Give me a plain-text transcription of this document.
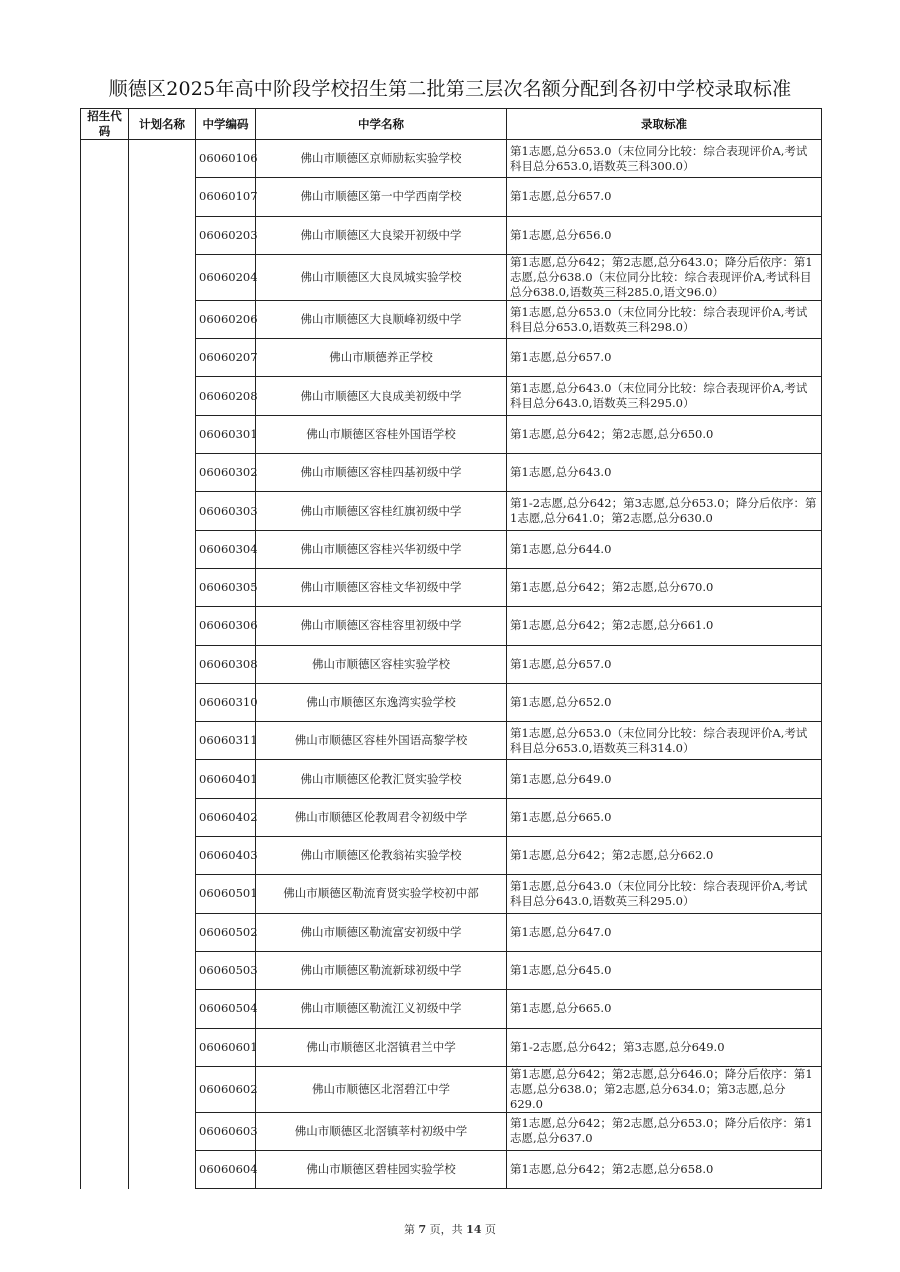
顺德区2025年高中阶段学校招生第二批第三层次名额分配到各初中学校录取标准
招生代码	计划名称	中学编码	中学名称	录取标准
		06060106	佛山市顺德区京师励耘实验学校	第1志愿,总分653.0（末位同分比较：综合表现评价A,考试科目总分653.0,语数英三科300.0）
		06060107	佛山市顺德区第一中学西南学校	第1志愿,总分657.0
		06060203	佛山市顺德区大良梁开初级中学	第1志愿,总分656.0
		06060204	佛山市顺德区大良凤城实验学校	第1志愿,总分642；第2志愿,总分643.0；降分后依序：第1志愿,总分638.0（末位同分比较：综合表现评价A,考试科目总分638.0,语数英三科285.0,语文96.0）
		06060206	佛山市顺德区大良顺峰初级中学	第1志愿,总分653.0（末位同分比较：综合表现评价A,考试科目总分653.0,语数英三科298.0）
		06060207	佛山市顺德养正学校	第1志愿,总分657.0
		06060208	佛山市顺德区大良成美初级中学	第1志愿,总分643.0（末位同分比较：综合表现评价A,考试科目总分643.0,语数英三科295.0）
		06060301	佛山市顺德区容桂外国语学校	第1志愿,总分642；第2志愿,总分650.0
		06060302	佛山市顺德区容桂四基初级中学	第1志愿,总分643.0
		06060303	佛山市顺德区容桂红旗初级中学	第1-2志愿,总分642；第3志愿,总分653.0；降分后依序：第1志愿,总分641.0；第2志愿,总分630.0
		06060304	佛山市顺德区容桂兴华初级中学	第1志愿,总分644.0
		06060305	佛山市顺德区容桂文华初级中学	第1志愿,总分642；第2志愿,总分670.0
		06060306	佛山市顺德区容桂容里初级中学	第1志愿,总分642；第2志愿,总分661.0
		06060308	佛山市顺德区容桂实验学校	第1志愿,总分657.0
		06060310	佛山市顺德区东逸湾实验学校	第1志愿,总分652.0
		06060311	佛山市顺德区容桂外国语高黎学校	第1志愿,总分653.0（末位同分比较：综合表现评价A,考试科目总分653.0,语数英三科314.0）
		06060401	佛山市顺德区伦教汇贤实验学校	第1志愿,总分649.0
		06060402	佛山市顺德区伦教周君令初级中学	第1志愿,总分665.0
		06060403	佛山市顺德区伦教翁祐实验学校	第1志愿,总分642；第2志愿,总分662.0
		06060501	佛山市顺德区勒流育贤实验学校初中部	第1志愿,总分643.0（末位同分比较：综合表现评价A,考试科目总分643.0,语数英三科295.0）
		06060502	佛山市顺德区勒流富安初级中学	第1志愿,总分647.0
		06060503	佛山市顺德区勒流新球初级中学	第1志愿,总分645.0
		06060504	佛山市顺德区勒流江义初级中学	第1志愿,总分665.0
		06060601	佛山市顺德区北滘镇君兰中学	第1-2志愿,总分642；第3志愿,总分649.0
		06060602	佛山市顺德区北滘碧江中学	第1志愿,总分642；第2志愿,总分646.0；降分后依序：第1志愿,总分638.0；第2志愿,总分634.0；第3志愿,总分629.0
		06060603	佛山市顺德区北滘镇莘村初级中学	第1志愿,总分642；第2志愿,总分653.0；降分后依序：第1志愿,总分637.0
		06060604	佛山市顺德区碧桂园实验学校	第1志愿,总分642；第2志愿,总分658.0
第 7 页，共 14 页
